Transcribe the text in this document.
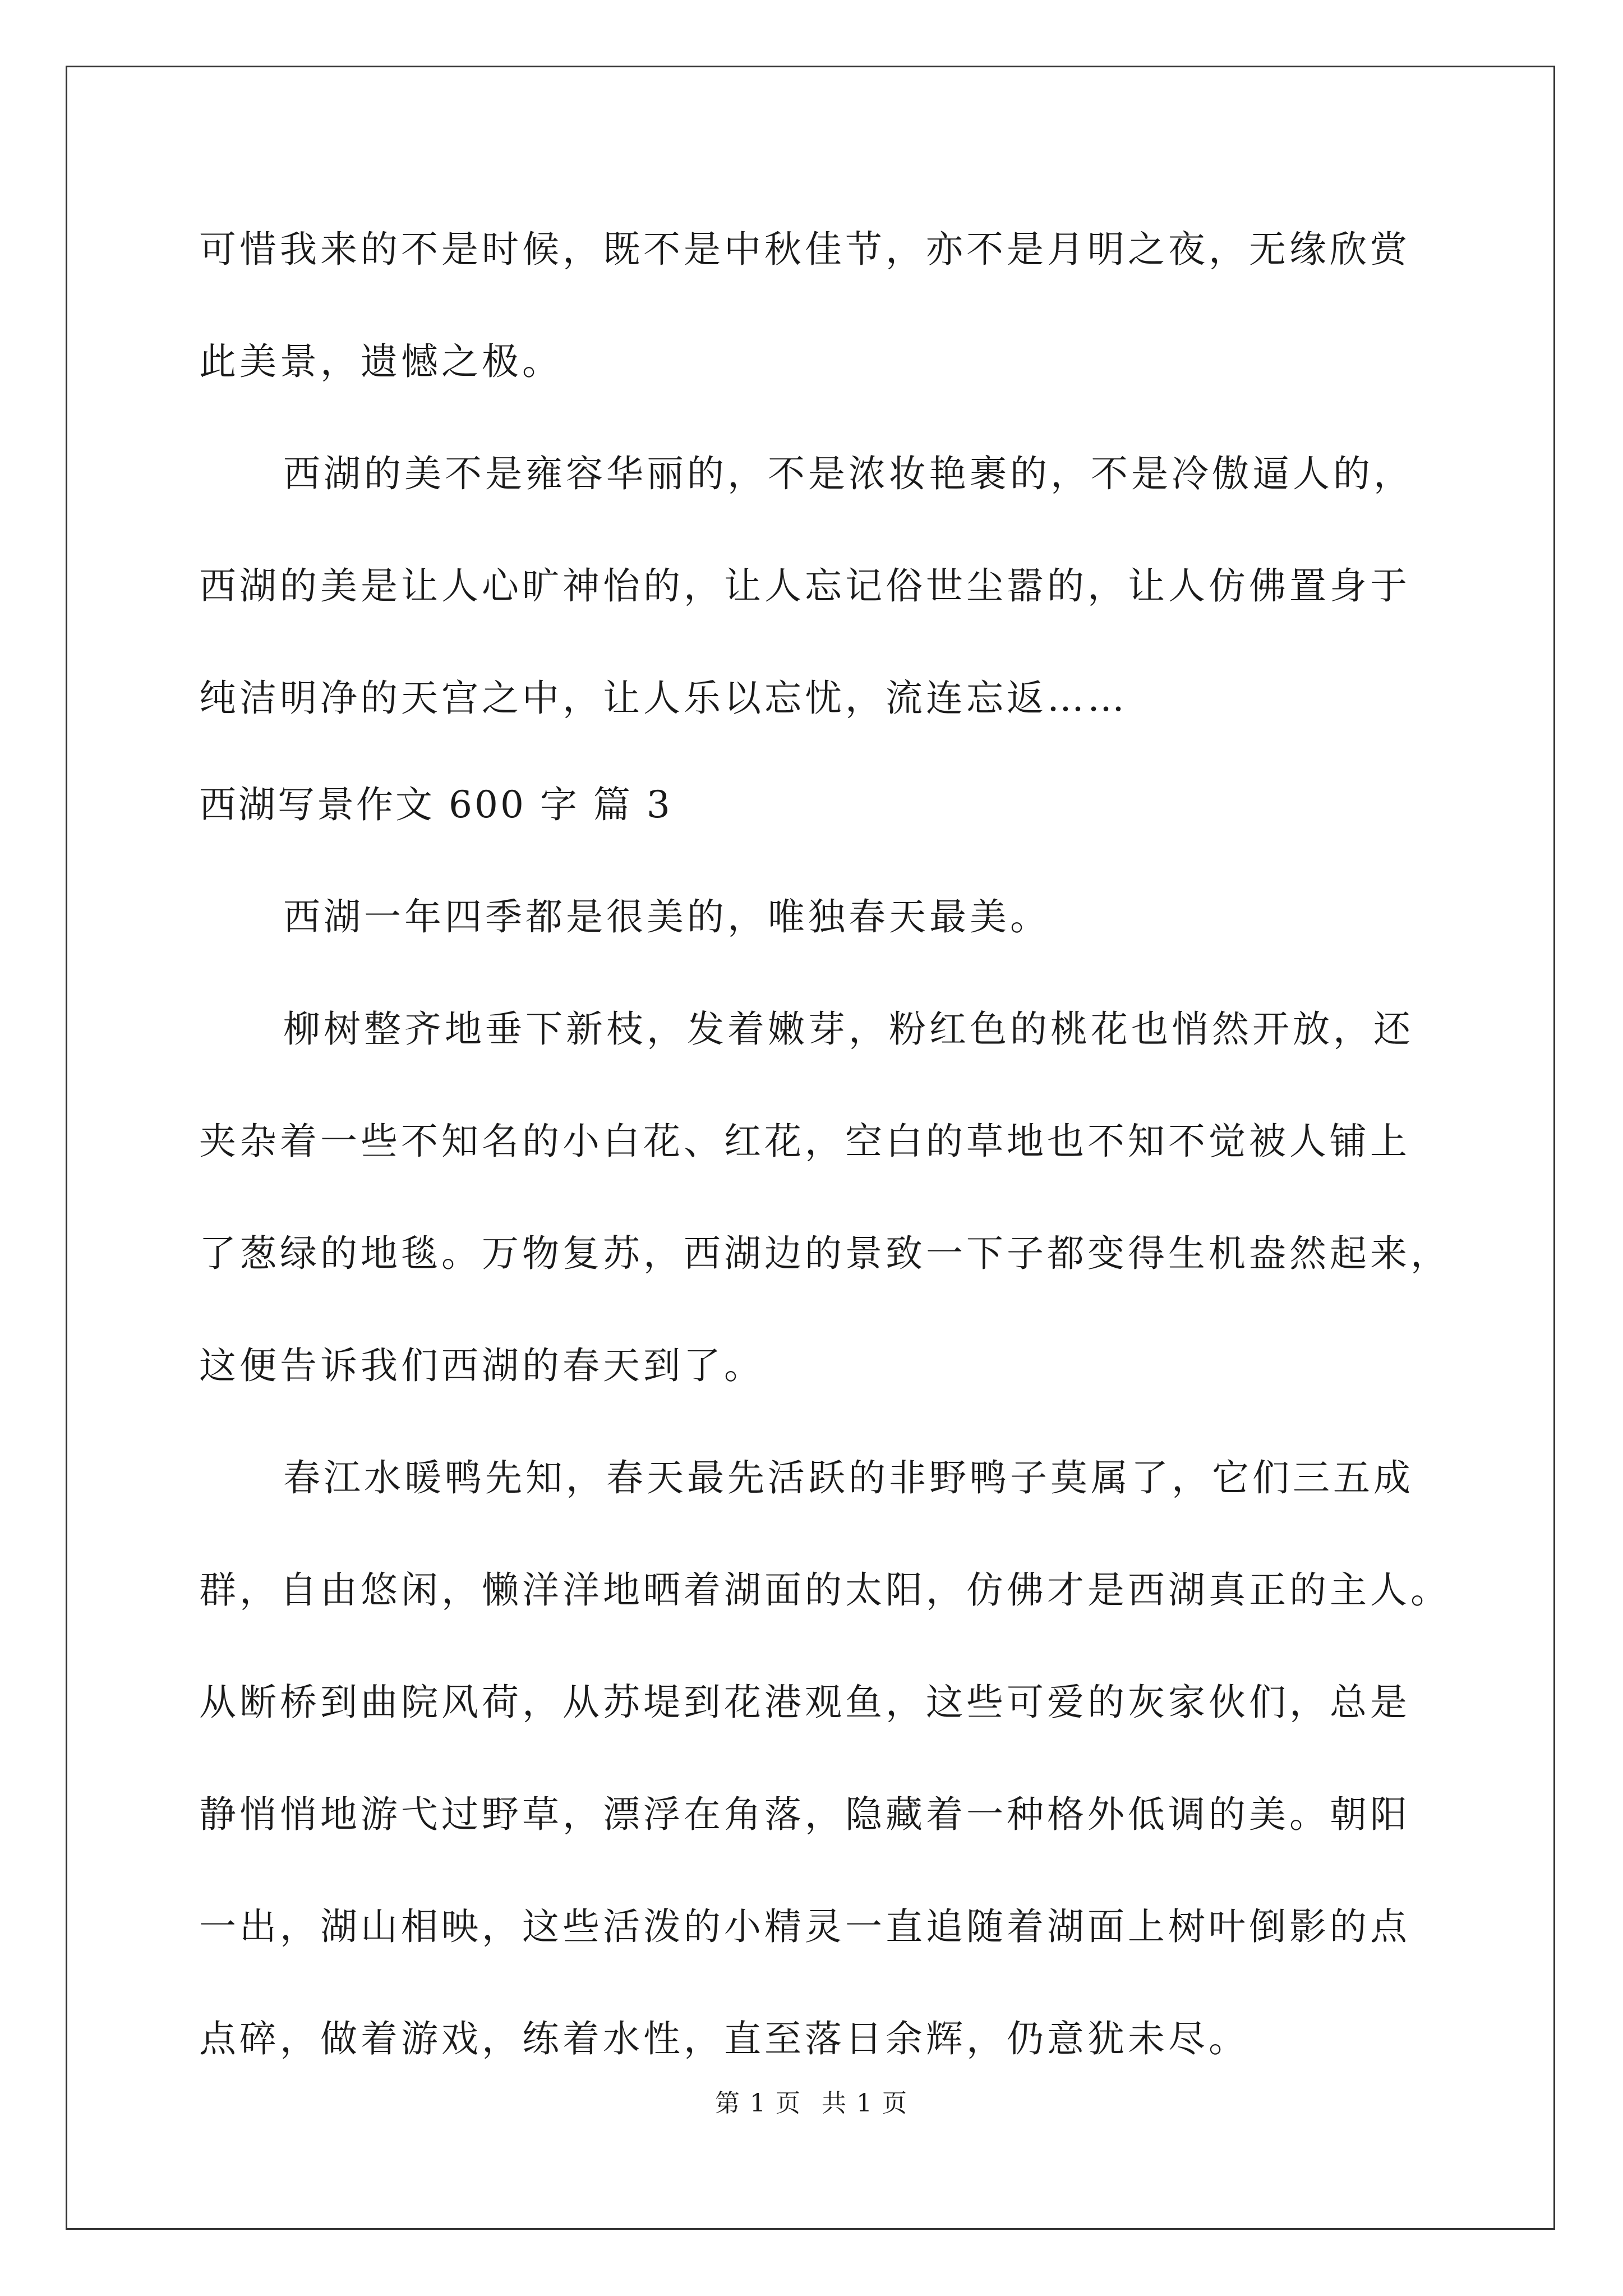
可惜我来的不是时候，既不是中秋佳节，亦不是月明之夜，无缘欣赏
此美景，遗憾之极。
西湖的美不是雍容华丽的，不是浓妆艳裹的，不是冷傲逼人的，
西湖的美是让人心旷神怡的，让人忘记俗世尘嚣的，让人仿佛置身于
纯洁明净的天宫之中，让人乐以忘忧，流连忘返……
西湖写景作文 600 字 篇 3
西湖一年四季都是很美的，唯独春天最美。
柳树整齐地垂下新枝，发着嫩芽，粉红色的桃花也悄然开放，还
夹杂着一些不知名的小白花、红花，空白的草地也不知不觉被人铺上
了葱绿的地毯。万物复苏，西湖边的景致一下子都变得生机盎然起来，
这便告诉我们西湖的春天到了。
春江水暖鸭先知，春天最先活跃的非野鸭子莫属了，它们三五成
群，自由悠闲，懒洋洋地晒着湖面的太阳，仿佛才是西湖真正的主人。
从断桥到曲院风荷，从苏堤到花港观鱼，这些可爱的灰家伙们，总是
静悄悄地游弋过野草，漂浮在角落，隐藏着一种格外低调的美。朝阳
一出，湖山相映，这些活泼的小精灵一直追随着湖面上树叶倒影的点
点碎，做着游戏，练着水性，直至落日余辉，仍意犹未尽。
第 1 页 共 1 页
